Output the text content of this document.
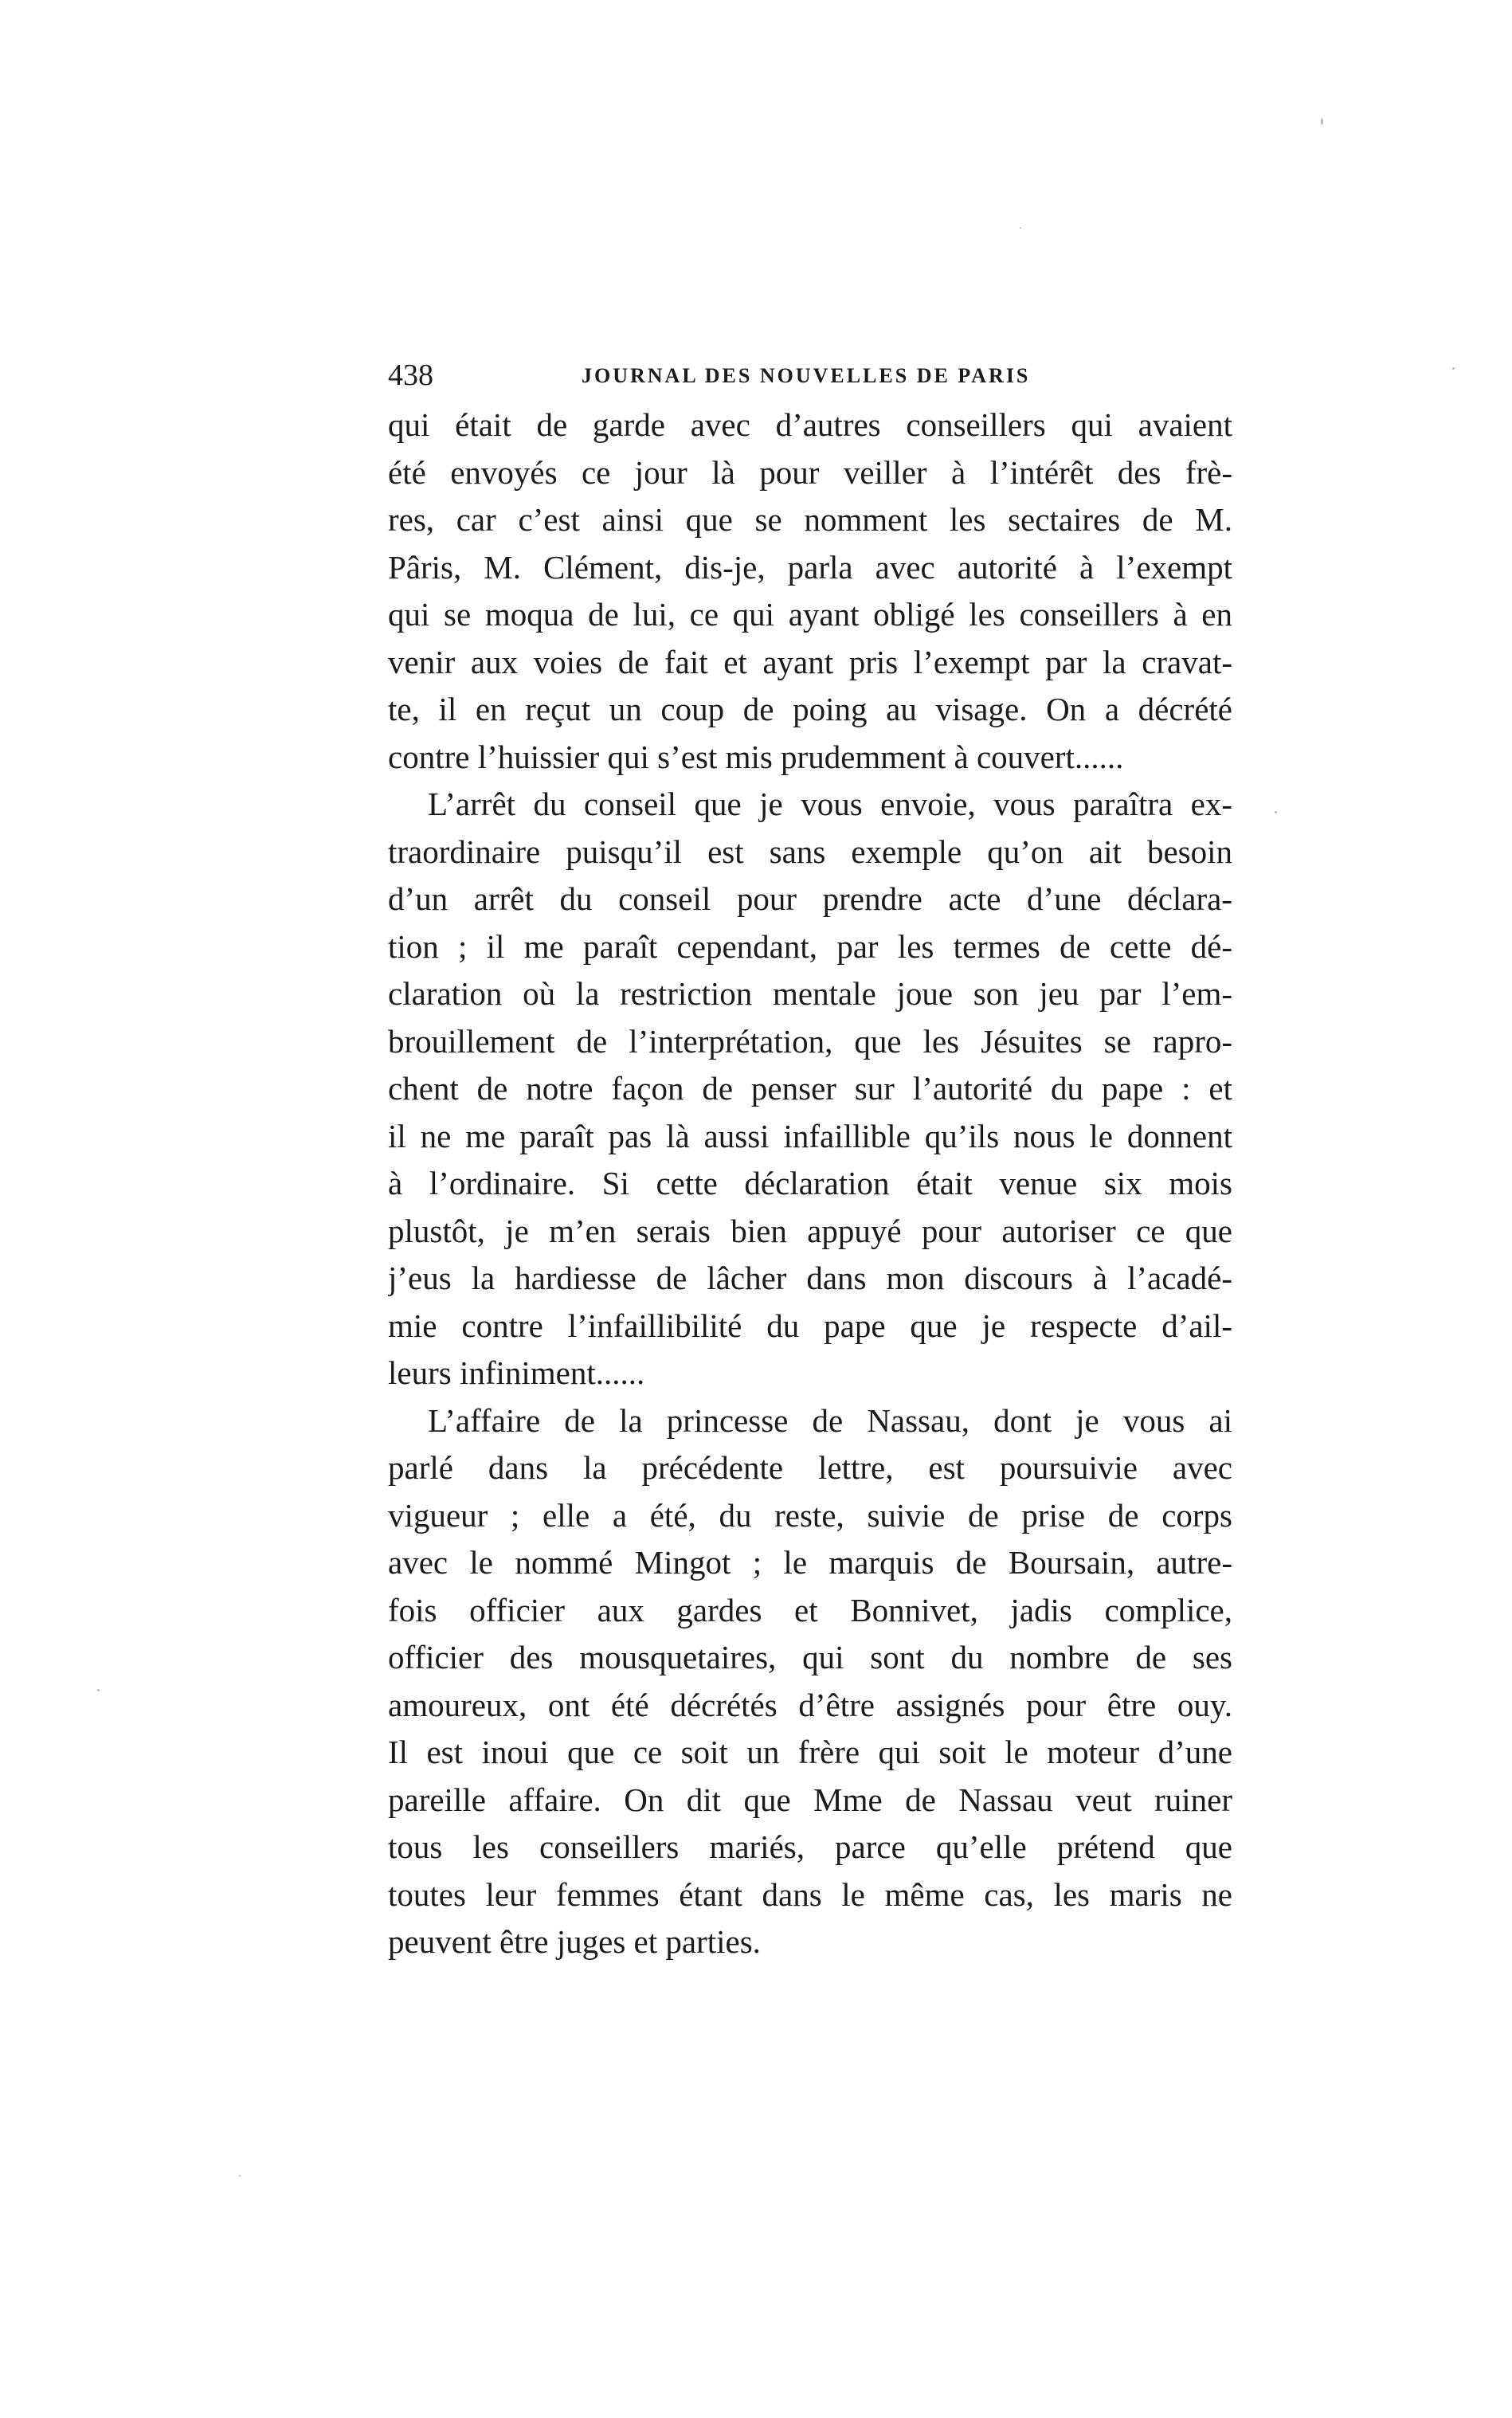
438	JOURNAL DES NOUVELLES DE PARIS
qui était de garde avec d’autres conseillers qui avaient
été envoyés ce jour là pour veiller à l’intérêt des frè-
res, car c’est ainsi que se nomment les sectaires de M.
Pâris, M. Clément, dis-je, parla avec autorité à l’exempt
qui se moqua de lui, ce qui ayant obligé les conseillers à en
venir aux voies de fait et ayant pris l’exempt par la cravat-
te, il en reçut un coup de poing au visage. On a décrété
contre l’huissier qui s’est mis prudemment à couvert......
L’arrêt du conseil que je vous envoie, vous paraîtra ex-
traordinaire puisqu’il est sans exemple qu’on ait besoin
d’un arrêt du conseil pour prendre acte d’une déclara-
tion ; il me paraît cependant, par les termes de cette dé-
claration où la restriction mentale joue son jeu par l’em-
brouillement de l’interprétation, que les Jésuites se rapro-
chent de notre façon de penser sur l’autorité du pape : et
il ne me paraît pas là aussi infaillible qu’ils nous le donnent
à l’ordinaire. Si cette déclaration était venue six mois
plustôt, je m’en serais bien appuyé pour autoriser ce que
j’eus la hardiesse de lâcher dans mon discours à l’acadé-
mie contre l’infaillibilité du pape que je respecte d’ail-
leurs infiniment......
L’affaire de la princesse de Nassau, dont je vous ai
parlé dans la précédente lettre, est poursuivie avec
vigueur ; elle a été, du reste, suivie de prise de corps
avec le nommé Mingot ; le marquis de Boursain, autre-
fois officier aux gardes et Bonnivet, jadis complice,
officier des mousquetaires, qui sont du nombre de ses
amoureux, ont été décrétés d’être assignés pour être ouy.
Il est inoui que ce soit un frère qui soit le moteur d’une
pareille affaire. On dit que Mme de Nassau veut ruiner
tous les conseillers mariés, parce qu’elle prétend que
toutes leur femmes étant dans le même cas, les maris ne
peuvent être juges et parties.
